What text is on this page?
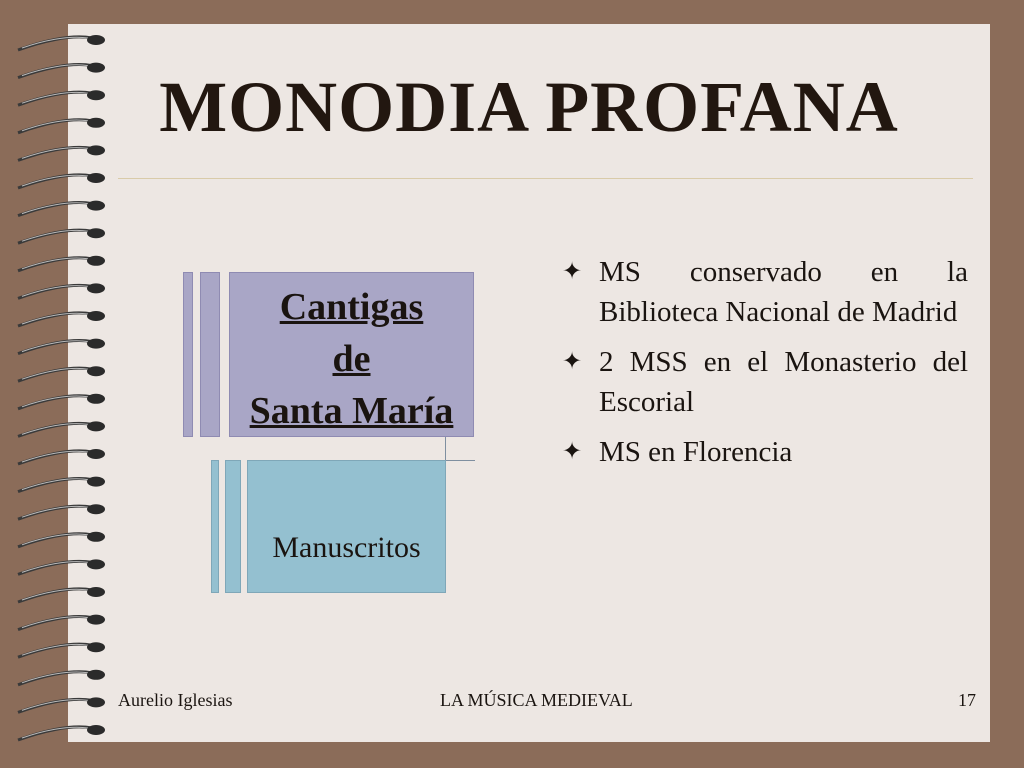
MONODIA PROFANA
Cantigas
de
Santa María
Manuscritos
✦ MS conservado en la Biblioteca Nacional de Madrid
✦ 2 MSS en el Monasterio del Escorial
✦ MS en Florencia
Aurelio Iglesias	LA MÚSICA MEDIEVAL	17
